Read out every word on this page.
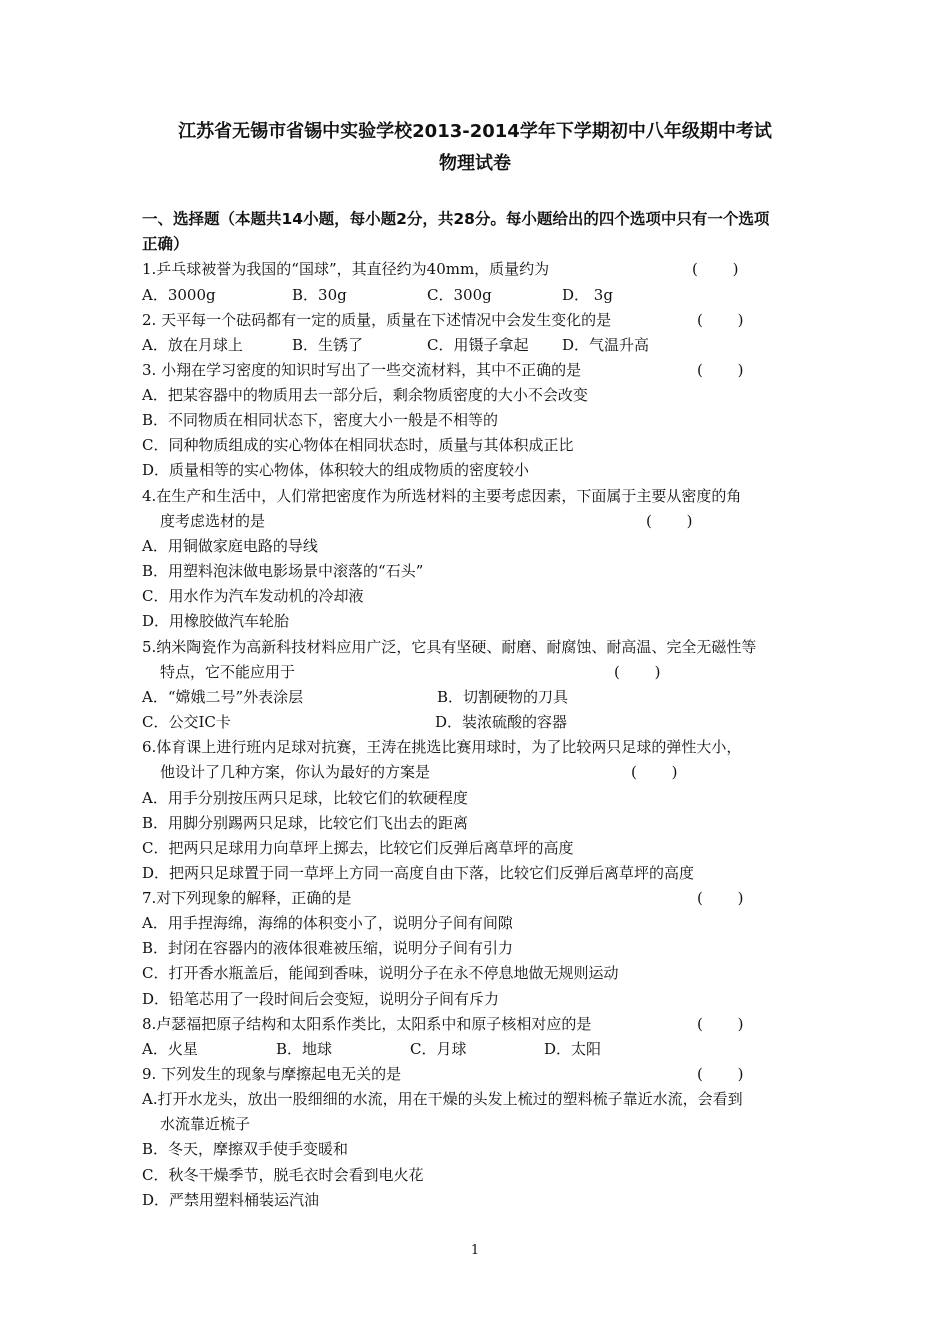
江苏省无锡市省锡中实验学校2013-2014学年下学期初中八年级期中考试
物理试卷
一、选择题（本题共14小题，每小题2分，共28分。每小题给出的四个选项中只有一个选项
正确）
1.乒乓球被誉为我国的“国球”，其直径约为40mm，质量约为	(　　 )
A．3000g	B．30g	C．300g	D． 3g
2. 天平每一个砝码都有一定的质量，质量在下述情况中会发生变化的是	(　　 )
A．放在月球上	B．生锈了	C．用镊子拿起 D．气温升高
3. 小翔在学习密度的知识时写出了一些交流材料，其中不正确的是	(　　 )
A．把某容器中的物质用去一部分后，剩余物质密度的大小不会改变
B．不同物质在相同状态下，密度大小一般是不相等的
C．同种物质组成的实心物体在相同状态时，质量与其体积成正比
D．质量相等的实心物体，体积较大的组成物质的密度较小
4.在生产和生活中，人们常把密度作为所选材料的主要考虑因素，下面属于主要从密度的角
度考虑选材的是	(　　 )
A．用铜做家庭电路的导线
B．用塑料泡沫做电影场景中滚落的“石头”
C．用水作为汽车发动机的冷却液
D．用橡胶做汽车轮胎
5.纳米陶瓷作为高新科技材料应用广泛，它具有坚硬、耐磨、耐腐蚀、耐高温、完全无磁性等
特点，它不能应用于	(　　 )
A．“嫦娥二号”外表涂层	B．切割硬物的刀具
C．公交IC卡	D．装浓硫酸的容器
6.体育课上进行班内足球对抗赛，王涛在挑选比赛用球时，为了比较两只足球的弹性大小，
他设计了几种方案，你认为最好的方案是	(　　 )
A．用手分别按压两只足球，比较它们的软硬程度
B．用脚分别踢两只足球，比较它们飞出去的距离
C．把两只足球用力向草坪上掷去，比较它们反弹后离草坪的高度
D．把两只足球置于同一草坪上方同一高度自由下落，比较它们反弹后离草坪的高度
7.对下列现象的解释，正确的是	(　　 )
A．用手捏海绵，海绵的体积变小了，说明分子间有间隙
B．封闭在容器内的液体很难被压缩，说明分子间有引力
C．打开香水瓶盖后，能闻到香味，说明分子在永不停息地做无规则运动
D．铅笔芯用了一段时间后会变短，说明分子间有斥力
8.卢瑟福把原子结构和太阳系作类比，太阳系中和原子核相对应的是	(　　 )
A．火星	B．地球	C．月球	D．太阳
9. 下列发生的现象与摩擦起电无关的是	(　　 )
A.打开水龙头，放出一股细细的水流，用在干燥的头发上梳过的塑料梳子靠近水流，会看到
水流靠近梳子
B．冬天，摩擦双手使手变暖和
C．秋冬干燥季节，脱毛衣时会看到电火花
D．严禁用塑料桶装运汽油
1
